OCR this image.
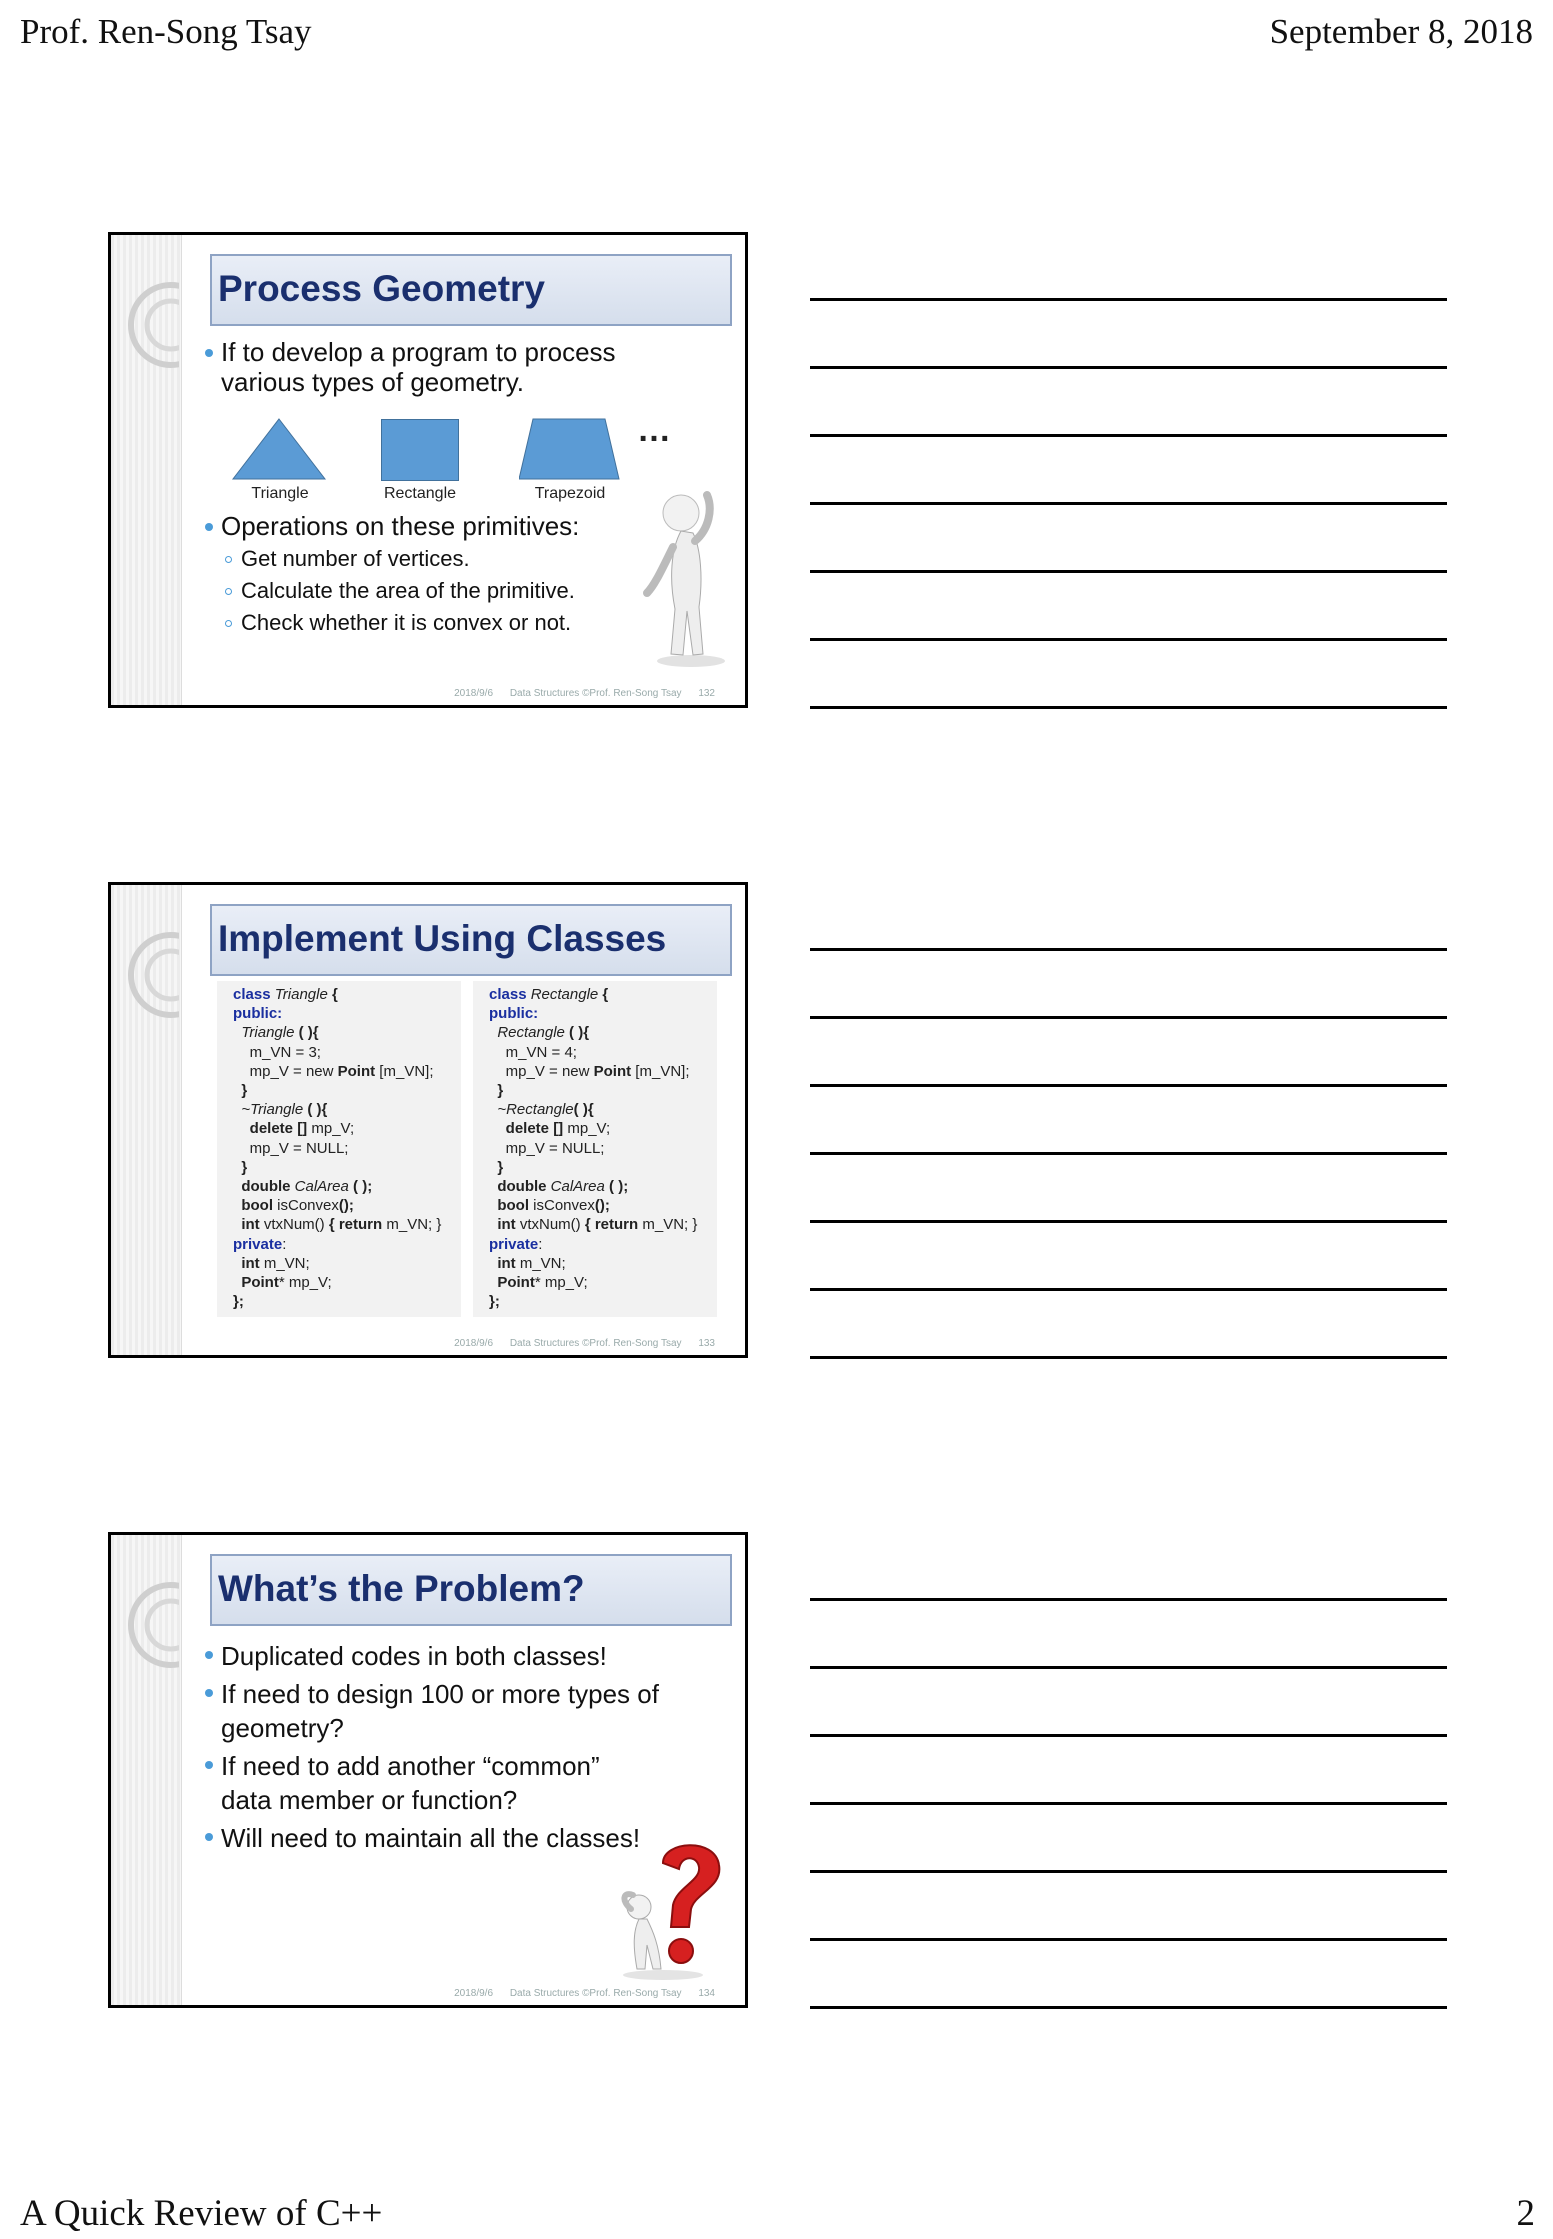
Prof. Ren-Song Tsay	September 8, 2018
Process Geometry
If to develop a program to process
various types of geometry.
…
Triangle	Rectangle	Trapezoid
Operations on these primitives:
Get number of vertices.
Calculate the area of the primitive.
Check whether it is convex or not.
2018/9/6 Data Structures ©Prof. Ren-Song Tsay 132
Implement Using Classes
class Triangle {
public:
Triangle ( ){
m_VN = 3;
mp_V = new Point [m_VN];
}
~Triangle ( ){
delete [] mp_V;
mp_V = NULL;
}
double CalArea ( );
bool isConvex();
int vtxNum() { return m_VN; }
private:
int m_VN;
Point* mp_V;
};
class Rectangle {
public:
Rectangle ( ){
m_VN = 4;
mp_V = new Point [m_VN];
}
~Rectangle( ){
delete [] mp_V;
mp_V = NULL;
}
double CalArea ( );
bool isConvex();
int vtxNum() { return m_VN; }
private:
int m_VN;
Point* mp_V;
};
2018/9/6 Data Structures ©Prof. Ren-Song Tsay 133
What’s the Problem?
Duplicated codes in both classes!
If need to design 100 or more types of
geometry?
If need to add another “common”
data member or function?
Will need to maintain all the classes!
2018/9/6 Data Structures ©Prof. Ren-Song Tsay 134
A Quick Review of C++	2
